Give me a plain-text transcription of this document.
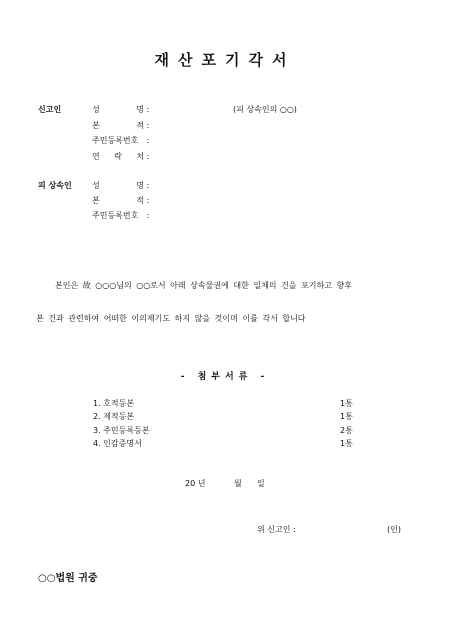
재산포기각서
신고인	성 명 :	(피 상속인의 ○○)
본 적 :
주민등록번호 :
연 락 처 :
피 상속인	성 명 :
본 적 :
주민등록번호 :
본인은 故 ○○○님의 ○○로서 아래 상속물권에 대한 일체의 건을 포기하고 향후
본 건과 관련하여 어떠한 이의제기도 하지 않을 것이며 이를 각서 합니다
- 첨부서류 -
1. 호적등본	1통
2. 제적등본	1통
3. 주민등록등본	2통
4. 인감증명서	1통
20 년	월 일
위 신고인 :	(인)
○○법원 귀중
